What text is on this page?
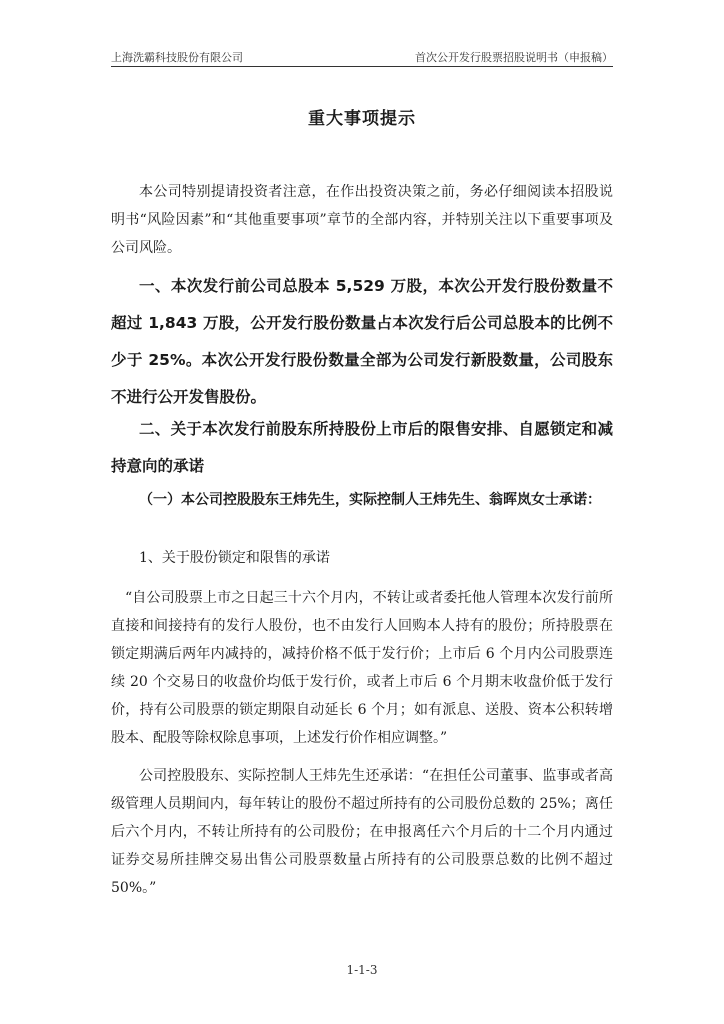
上海洗霸科技股份有限公司	首次公开发行股票招股说明书（申报稿）
重大事项提示

本公司特别提请投资者注意，在作出投资决策之前，务必仔细阅读本招股说明书“风险因素”和“其他重要事项”章节的全部内容，并特别关注以下重要事项及公司风险。

一、本次发行前公司总股本 5,529 万股，本次公开发行股份数量不超过 1,843 万股，公开发行股份数量占本次发行后公司总股本的比例不少于 25%。本次公开发行股份数量全部为公司发行新股数量，公司股东不进行公开发售股份。

二、关于本次发行前股东所持股份上市后的限售安排、自愿锁定和减持意向的承诺

（一）本公司控股股东王炜先生，实际控制人王炜先生、翁晖岚女士承诺：

1、关于股份锁定和限售的承诺

“自公司股票上市之日起三十六个月内，不转让或者委托他人管理本次发行前所直接和间接持有的发行人股份，也不由发行人回购本人持有的股份；所持股票在锁定期满后两年内减持的，减持价格不低于发行价；上市后 6 个月内公司股票连续 20 个交易日的收盘价均低于发行价，或者上市后 6 个月期末收盘价低于发行价，持有公司股票的锁定期限自动延长 6 个月；如有派息、送股、资本公积转增股本、配股等除权除息事项，上述发行价作相应调整。”

公司控股股东、实际控制人王炜先生还承诺：“在担任公司董事、监事或者高级管理人员期间内，每年转让的股份不超过所持有的公司股份总数的 25%；离任后六个月内，不转让所持有的公司股份；在申报离任六个月后的十二个月内通过证券交易所挂牌交易出售公司股票数量占所持有的公司股票总数的比例不超过 50%。”

1-1-3
